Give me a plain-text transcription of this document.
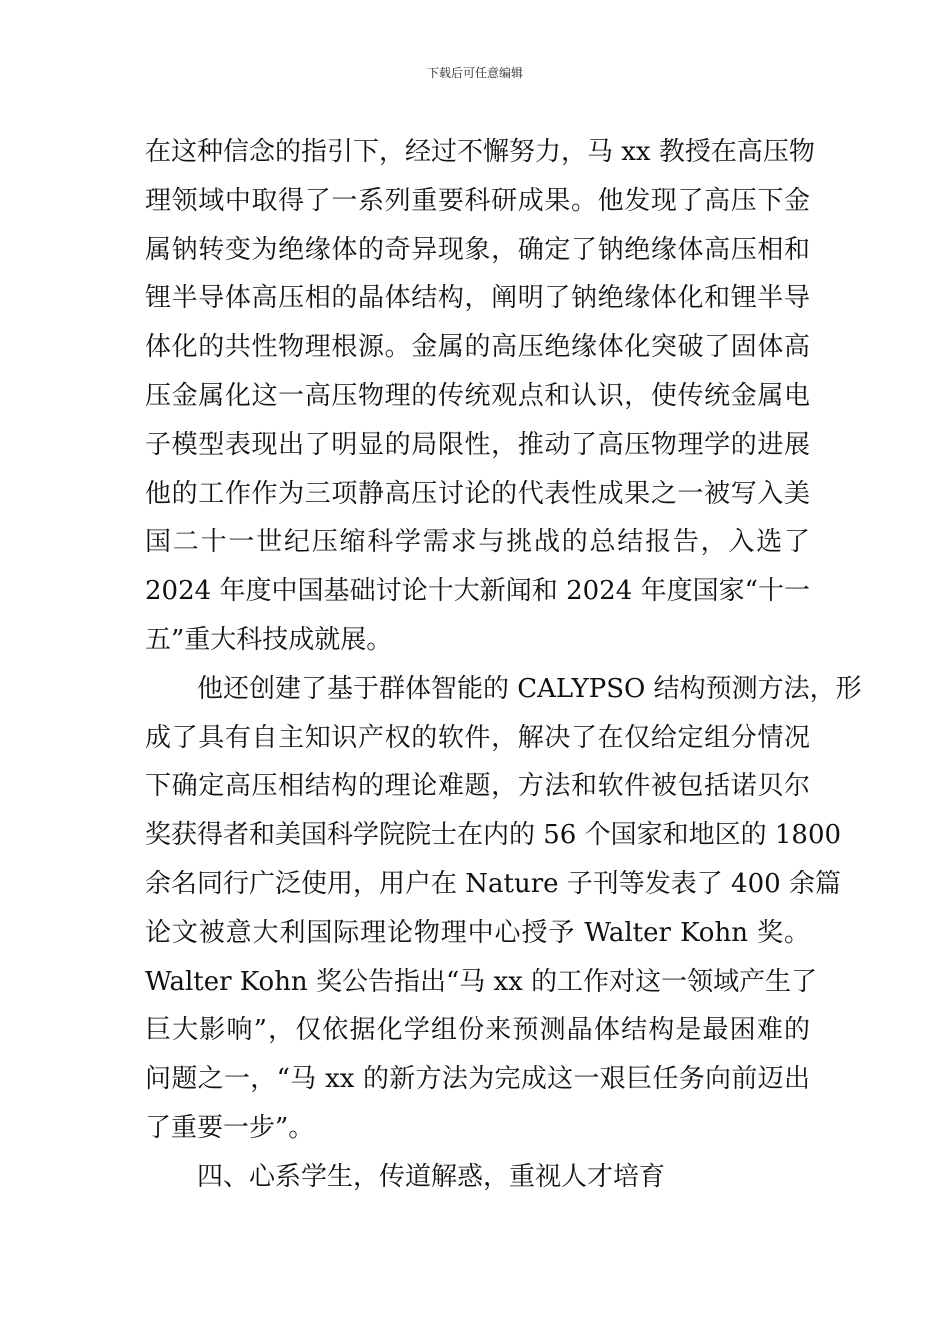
下载后可任意编辑
在这种信念的指引下，经过不懈努力，马 xx 教授在高压物
理领域中取得了一系列重要科研成果。他发现了高压下金
属钠转变为绝缘体的奇异现象，确定了钠绝缘体高压相和
锂半导体高压相的晶体结构，阐明了钠绝缘体化和锂半导
体化的共性物理根源。金属的高压绝缘体化突破了固体高
压金属化这一高压物理的传统观点和认识，使传统金属电
子模型表现出了明显的局限性，推动了高压物理学的进展
他的工作作为三项静高压讨论的代表性成果之一被写入美
国二十一世纪压缩科学需求与挑战的总结报告，入选了
2024 年度中国基础讨论十大新闻和 2024 年度国家“十一
五”重大科技成就展。
他还创建了基于群体智能的 CALYPSO 结构预测方法，形
成了具有自主知识产权的软件，解决了在仅给定组分情况
下确定高压相结构的理论难题，方法和软件被包括诺贝尔
奖获得者和美国科学院院士在内的 56 个国家和地区的 1800
余名同行广泛使用，用户在 Nature 子刊等发表了 400 余篇
论文被意大利国际理论物理中心授予 Walter Kohn 奖。
Walter Kohn 奖公告指出“马 xx 的工作对这一领域产生了
巨大影响”，仅依据化学组份来预测晶体结构是最困难的
问题之一，“马 xx 的新方法为完成这一艰巨任务向前迈出
了重要一步”。
四、心系学生，传道解惑，重视人才培育
